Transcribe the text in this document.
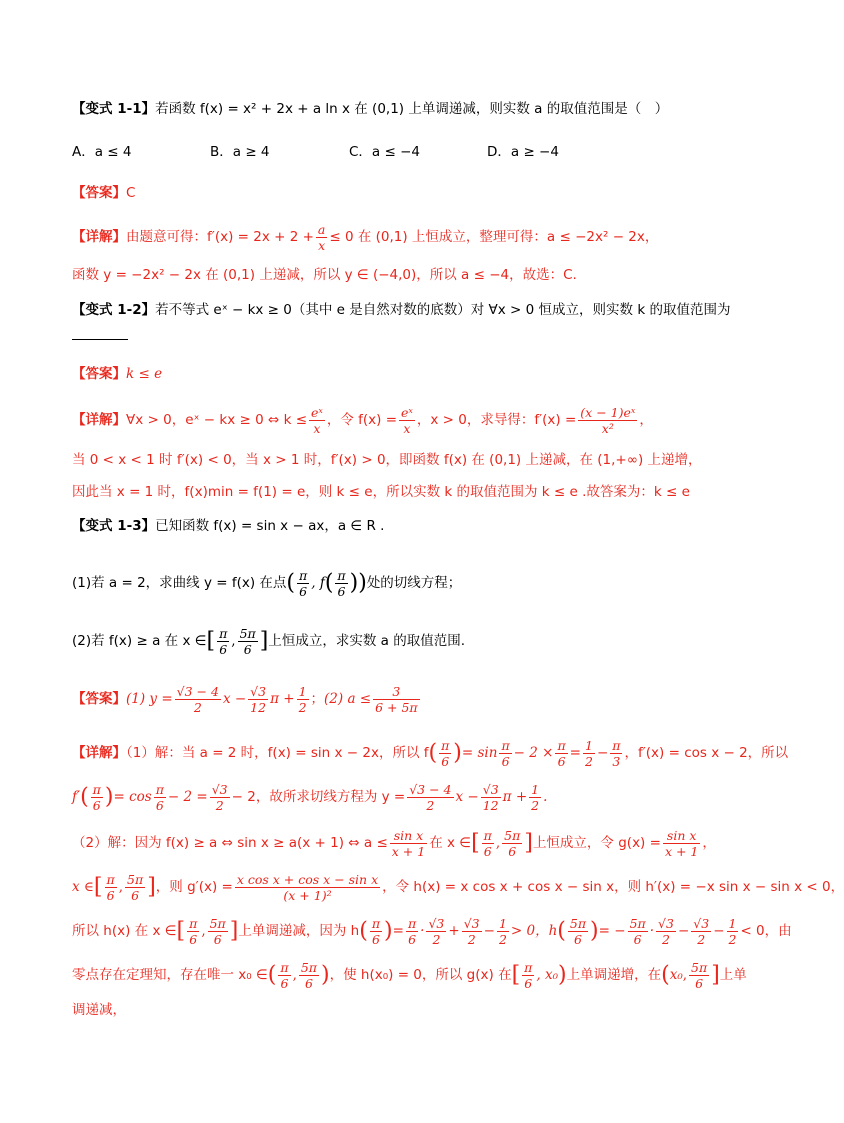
【变式 1-1】若函数 f(x) = x² + 2x + a ln x 在 (0,1) 上单调递减，则实数 a 的取值范围是（　）
A．a ≤ 4	B．a ≥ 4	C．a ≤ −4	D．a ≥ −4
【答案】C
【详解】由题意可得：$f'(x) = 2x + 2 + \frac{a}{x} \le 0$ 在 (0,1) 上恒成立，整理可得：a ≤ −2x² − 2x，
函数 y = −2x² − 2x 在 (0,1) 上递减，所以 y ∈ (−4,0)，所以 a ≤ −4，故选：C.
【变式 1-2】若不等式 eˣ − kx ≥ 0（其中 e 是自然对数的底数）对 ∀x > 0 恒成立，则实数 k 的取值范围为
【答案】k ≤ e
【详解】∀x > 0，eˣ − kx ≥ 0 ⇔ $k \le \frac{\text{eˣ}}{x}$ ，令 $f(x) = \frac{\text{eˣ}}{x}$ ，x > 0，求导得：$f'(x) = \frac{\text{(x − 1)eˣ}}{\text{x²}}$ ，
当 0 < x < 1 时 f′(x) < 0，当 x > 1 时，f′(x) > 0，即函数 f(x) 在 (0,1) 上递减，在 (1,+∞) 上递增，
因此当 x = 1 时，f(x)min = f(1) = e，则 k ≤ e，所以实数 k 的取值范围为 k ≤ e .故答案为：k ≤ e
【变式 1-3】已知函数 f(x) = sin x − ax，a ∈ R .
(1)若 a = 2，求曲线 y = f(x) 在点( $\frac{\pi}{6}$ , $f( \frac{\pi}{6}$ ))处的切线方程；
(2)若 f(x) ≥ a 在 x ∈[ $\frac{\pi}{6}$ , $\frac{5\pi}{6}$ ]上恒成立，求实数 a 的取值范围.
【答案】(1) $y = \frac{√3 - 4}{2}$ $x - \frac{√3}{12}$ $\pi + \frac{1}{2}$ ；(2) $a \le \frac{3}{6 + 5\pi}$
【详解】（1）解：当 a = 2 时，f(x) = sin x − 2x，所以 $f( \frac{\pi}{6}$ )= $\sin \frac{\pi}{6} - 2 \times \frac{\pi}{6} = \frac{1}{2} - \frac{\pi}{3}$ ，f′(x) = cos x − 2，所以
$f'( \frac{\pi}{6}$ )= $\cos \frac{\pi}{6} - 2 = \frac{√3}{2} - 2$，故所求切线方程为 $y = \frac{√3 - 4}{2}$ $x - \frac{√3}{12}$ $\pi + \frac{1}{2}$ .
（2）解：因为 f(x) ≥ a ⇔ sin x ≥ a(x + 1) ⇔ $a \le \frac{\text{sin x}}{x + 1}$ 在 x ∈[ $\frac{\pi}{6}$ , $\frac{5\pi}{6}$ ]上恒成立，令 $g(x) = \frac{\text{sin x}}{x + 1}$ ，
x ∈[ $\frac{\pi}{6}$ , $\frac{5\pi}{6}$ ]，则 $g'(x) = \frac{\text{x cos x + cos x − sin x}}{\text{(x + 1)²}}$ ，令 h(x) = x cos x + cos x − sin x，则 h′(x) = −x sin x − sin x < 0，
所以 h(x) 在 x ∈[ $\frac{\pi}{6}$ , $\frac{5\pi}{6}$ ]上单调递减，因为 $h( \frac{\pi}{6}$ )= $\frac{\pi}{6} \cdot \frac{√3}{2} + \frac{√3}{2} - \frac{1}{2} > 0$，$h( \frac{5\pi}{6}$ )= − $\frac{5\pi}{6} \cdot \frac{√3}{2} - \frac{√3}{2} - \frac{1}{2} < 0$，由
零点存在定理知，存在唯一 x₀ ∈( $\frac{\pi}{6}$ , $\frac{5\pi}{6}$ )，使 h(x₀) = 0，所以 g(x) 在[ $\frac{\pi}{6}$ , x₀)上单调递增，在(x₀, $\frac{5\pi}{6}$ ]上单
调递减，
